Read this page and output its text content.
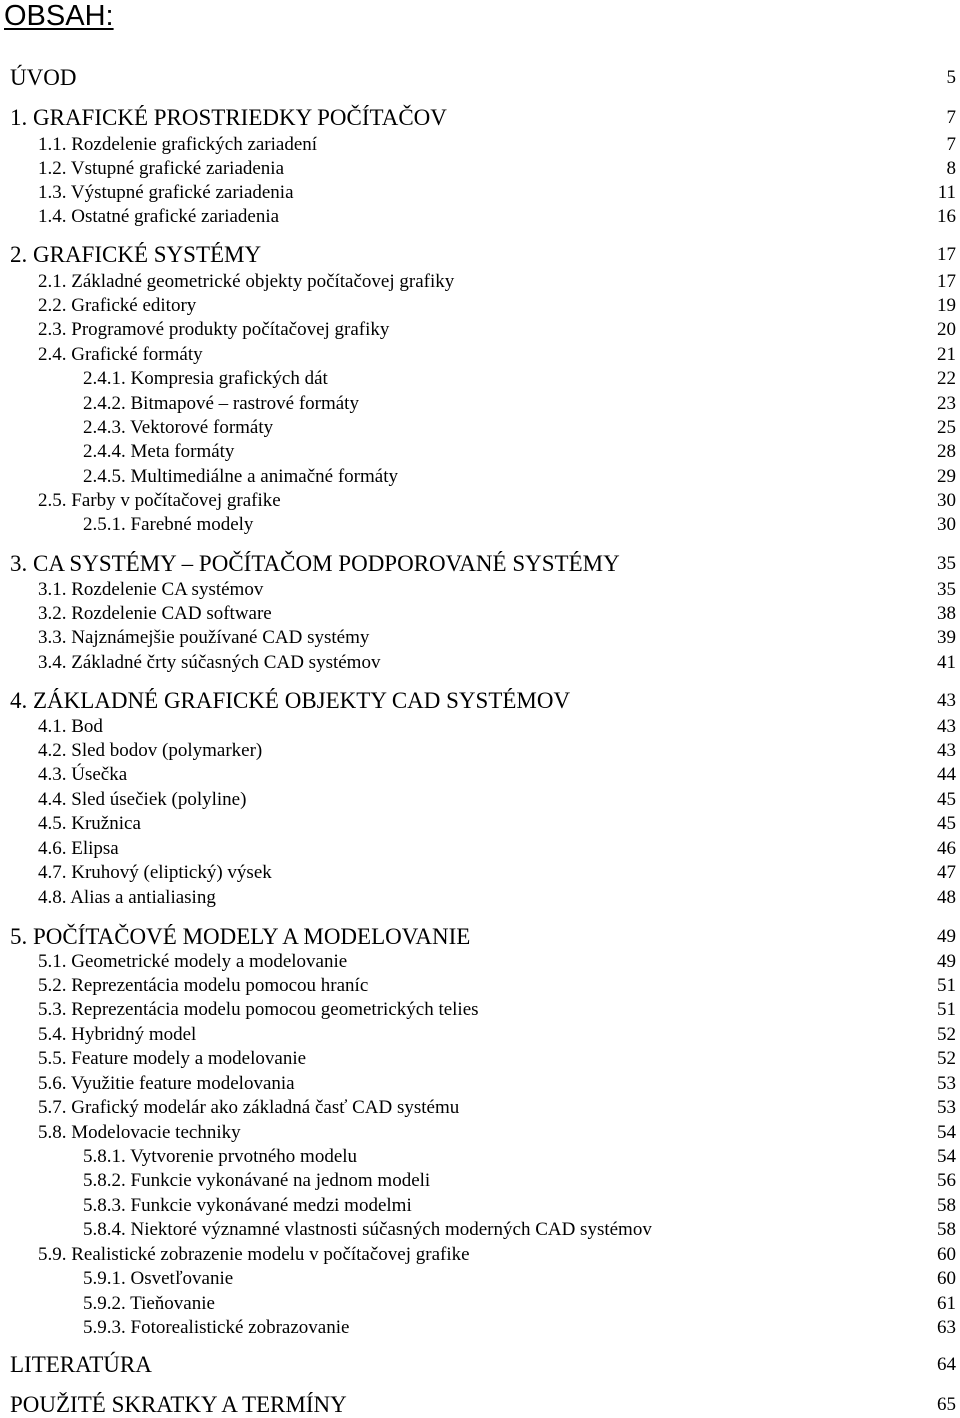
OBSAH:
ÚVOD	5
1. GRAFICKÉ PROSTRIEDKY POČÍTAČOV	7
1.1. Rozdelenie grafických zariadení	7
1.2. Vstupné grafické zariadenia	8
1.3. Výstupné grafické zariadenia	11
1.4. Ostatné grafické zariadenia	16
2. GRAFICKÉ SYSTÉMY	17
2.1. Základné geometrické objekty počítačovej grafiky	17
2.2. Grafické editory	19
2.3. Programové produkty počítačovej grafiky	20
2.4. Grafické formáty	21
2.4.1. Kompresia grafických dát	22
2.4.2. Bitmapové – rastrové formáty	23
2.4.3. Vektorové formáty	25
2.4.4. Meta formáty	28
2.4.5. Multimediálne a animačné formáty	29
2.5. Farby v počítačovej grafike	30
2.5.1. Farebné modely	30
3. CA SYSTÉMY – POČÍTAČOM PODPOROVANÉ SYSTÉMY	35
3.1. Rozdelenie CA systémov	35
3.2. Rozdelenie CAD software	38
3.3. Najznámejšie používané CAD systémy	39
3.4. Základné črty súčasných CAD systémov	41
4. ZÁKLADNÉ GRAFICKÉ OBJEKTY CAD SYSTÉMOV	43
4.1. Bod	43
4.2. Sled bodov (polymarker)	43
4.3. Úsečka	44
4.4. Sled úsečiek (polyline)	45
4.5. Kružnica	45
4.6. Elipsa	46
4.7. Kruhový (eliptický) výsek	47
4.8. Alias a antialiasing	48
5. POČÍTAČOVÉ MODELY A MODELOVANIE	49
5.1. Geometrické modely a modelovanie	49
5.2. Reprezentácia modelu pomocou hraníc	51
5.3. Reprezentácia modelu pomocou geometrických telies	51
5.4. Hybridný model	52
5.5. Feature modely a modelovanie	52
5.6. Využitie feature modelovania	53
5.7. Grafický modelár ako základná časť CAD systému	53
5.8. Modelovacie techniky	54
5.8.1. Vytvorenie prvotného modelu	54
5.8.2. Funkcie vykonávané na jednom modeli	56
5.8.3. Funkcie vykonávané medzi modelmi	58
5.8.4. Niektoré významné vlastnosti súčasných moderných CAD systémov	58
5.9. Realistické zobrazenie modelu v počítačovej grafike	60
5.9.1. Osvetľovanie	60
5.9.2. Tieňovanie	61
5.9.3. Fotorealistické zobrazovanie	63
LITERATÚRA	64
POUŽITÉ SKRATKY A TERMÍNY	65
